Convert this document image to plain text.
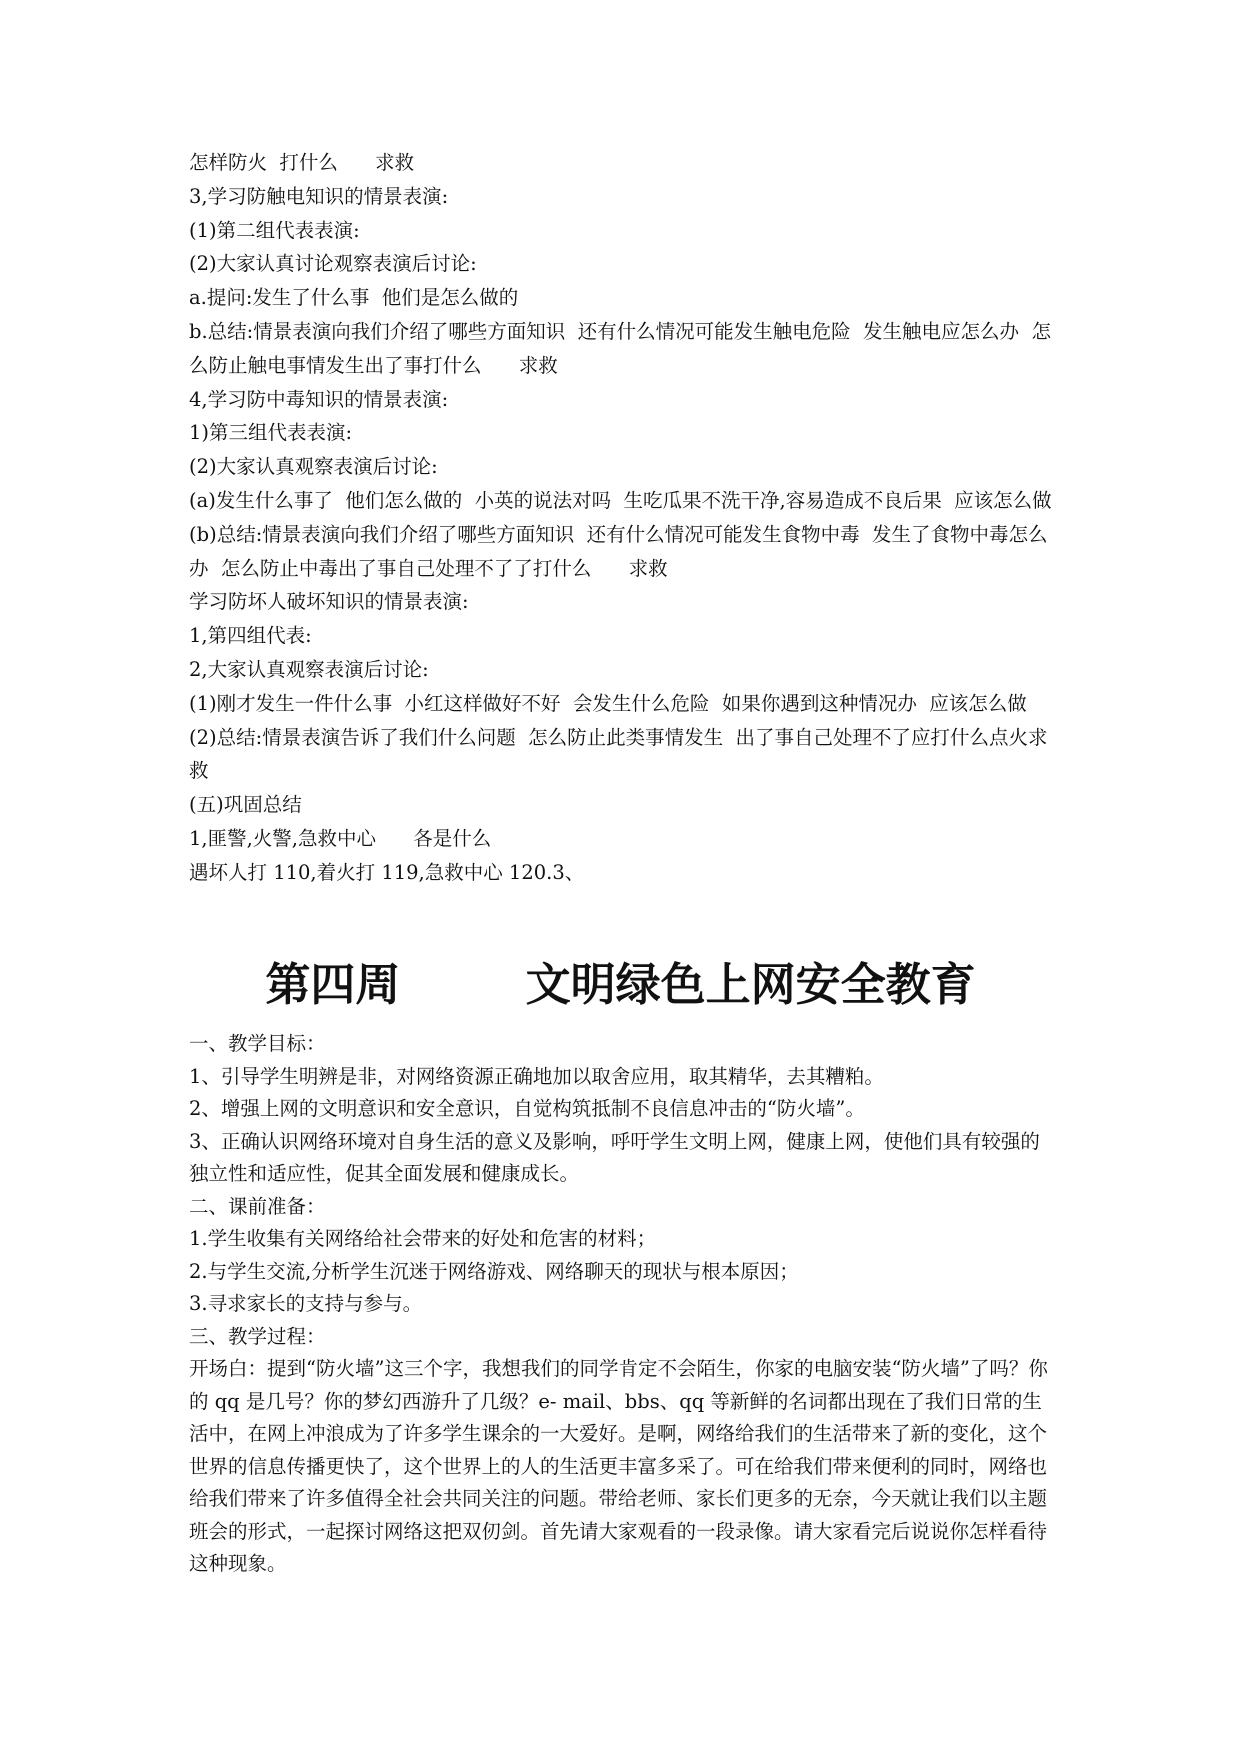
怎样防火  打什么      求救
3,学习防触电知识的情景表演:
(1)第二组代表表演:
(2)大家认真讨论观察表演后讨论:
a.提问:发生了什么事  他们是怎么做的
b.总结:情景表演向我们介绍了哪些方面知识  还有什么情况可能发生触电危险  发生触电应怎么办  怎么防止触电事情发生出了事打什么      求救
4,学习防中毒知识的情景表演:
1)第三组代表表演:
(2)大家认真观察表演后讨论:
(a)发生什么事了  他们怎么做的  小英的说法对吗  生吃瓜果不洗干净,容易造成不良后果  应该怎么做
(b)总结:情景表演向我们介绍了哪些方面知识  还有什么情况可能发生食物中毒  发生了食物中毒怎么办  怎么防止中毒出了事自己处理不了了打什么      求救
学习防坏人破坏知识的情景表演:
1,第四组代表:
2,大家认真观察表演后讨论:
(1)刚才发生一件什么事  小红这样做好不好  会发生什么危险  如果你遇到这种情况办  应该怎么做
(2)总结:情景表演告诉了我们什么问题  怎么防止此类事情发生  出了事自己处理不了应打什么点火求救
(五)巩固总结
1,匪警,火警,急救中心      各是什么
遇坏人打 110,着火打 119,急救中心 120.3、
第四周        文明绿色上网安全教育
一、教学目标：
1、引导学生明辨是非，对网络资源正确地加以取舍应用，取其精华，去其糟粕。
2、增强上网的文明意识和安全意识，自觉构筑抵制不良信息冲击的“防火墙”。
3、正确认识网络环境对自身生活的意义及影响，呼吁学生文明上网，健康上网，使他们具有较强的独立性和适应性，促其全面发展和健康成长。
二、课前准备：
1.学生收集有关网络给社会带来的好处和危害的材料；
2.与学生交流,分析学生沉迷于网络游戏、网络聊天的现状与根本原因；
3.寻求家长的支持与参与。
三、教学过程：
开场白：提到“防火墙”这三个字，我想我们的同学肯定不会陌生，你家的电脑安装“防火墙”了吗？你的 qq 是几号？你的梦幻西游升了几级？e- mail、bbs、qq 等新鲜的名词都出现在了我们日常的生活中，在网上冲浪成为了许多学生课余的一大爱好。是啊，网络给我们的生活带来了新的变化，这个世界的信息传播更快了，这个世界上的人的生活更丰富多采了。可在给我们带来便利的同时，网络也给我们带来了许多值得全社会共同关注的问题。带给老师、家长们更多的无奈，今天就让我们以主题班会的形式，一起探讨网络这把双仞剑。首先请大家观看的一段录像。请大家看完后说说你怎样看待这种现象。
